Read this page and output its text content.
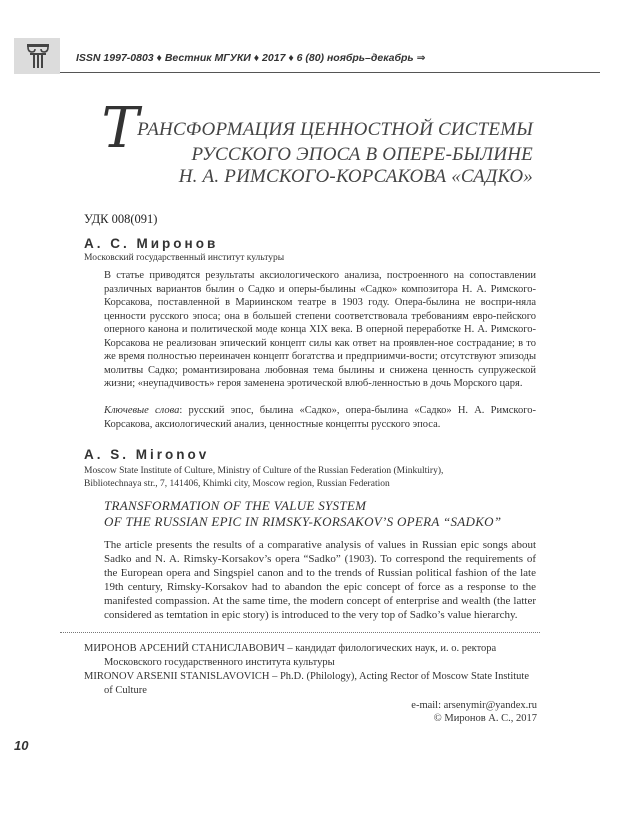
ISSN 1997-0803 ♦ Вестник МГУКИ ♦ 2017 ♦ 6 (80) ноябрь–декабрь ⇒
ТРАНСФОРМАЦИЯ ЦЕННОСТНОЙ СИСТЕМЫ
РУССКОГО ЭПОСА В ОПЕРЕ-БЫЛИНЕ
Н. А. РИМСКОГО-КОРСАКОВА «САДКО»
УДК 008(091)
А. С. Миронов
Московский государственный институт культуры
В статье приводятся результаты аксиологического анализа, построенного на сопоставлении различных вариантов былин о Садко и оперы-былины «Садко» композитора Н. А. Римского-Корсакова, поставленной в Мариинском театре в 1903 году. Опера-былина не воспри-няла ценности русского эпоса; она в большей степени соответствовала требованиям евро-пейского оперного канона и политической моде конца XIX века. В оперной переработке Н. А. Римского-Корсакова не реализован эпический концепт силы как ответ на проявлен-ное сострадание; в то же время полностью переиначен концепт богатства и предприимчи-вости; отсутствуют эпизоды молитвы Садко; романтизирована любовная тема былины и снижена ценность супружеской жизни; «неупадчивость» героя заменена эротической влюб-ленностью в дочь Морского царя.
Ключевые слова: русский эпос, былина «Садко», опера-былина «Садко» Н. А. Римского-Корсакова, аксиологический анализ, ценностные концепты русского эпоса.
A. S. Mironov
Moscow State Institute of Culture, Ministry of Culture of the Russian Federation (Minkultiry),
Bibliotechnaya str., 7, 141406, Khimki city, Moscow region, Russian Federation
TRANSFORMATION OF THE VALUE SYSTEM
OF THE RUSSIAN EPIC IN RIMSKY-KORSAKOV’S OPERA “SADKO”
The article presents the results of a comparative analysis of values in Russian epic songs about Sadko and N. A. Rimsky-Korsakov’s opera “Sadko” (1903). To correspond the requirements of the European opera and Singspiel canon and to the trends of Russian political fashion of the late 19th century, Rimsky-Korsakov had to abandon the epic concept of force as a response to the manifested compassion. At the same time, the modern concept of enterprise and wealth (the latter considered as temtation in epic story) is introduced to the very top of Sadko’s value hierarchy.
МИРОНОВ АРСЕНИЙ СТАНИСЛАВОВИЧ – кандидат филологических наук, и. о. ректора
Московского государственного института культуры
MIRONOV ARSENII STANISLAVOVICH – Ph.D. (Philology), Acting Rector of Moscow State Institute
of Culture
e-mail: arsenymir@yandex.ru
© Миронов А. С., 2017
10
